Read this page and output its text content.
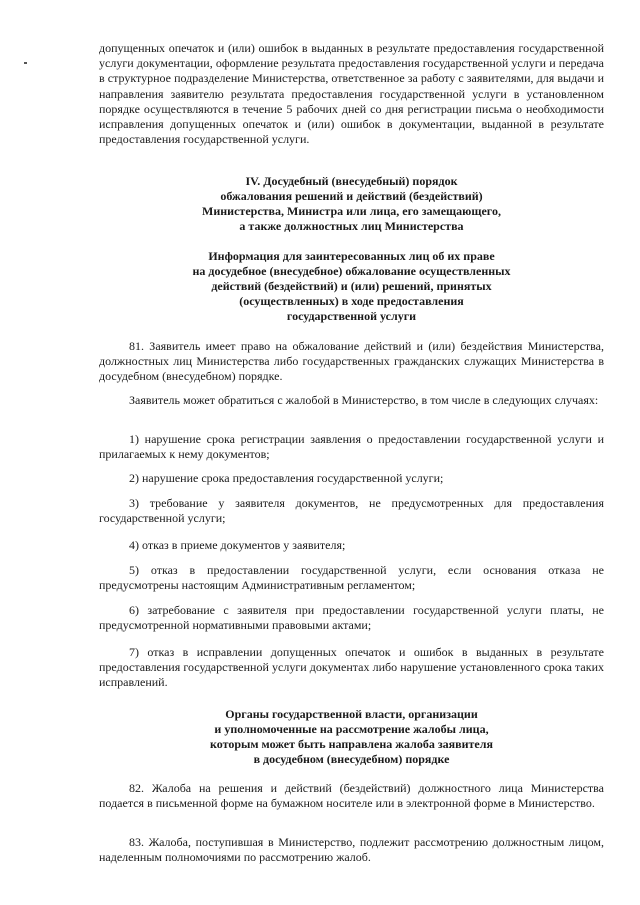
допущенных опечаток и (или) ошибок в выданных в результате предоставления государственной услуги документации, оформление результата предоставления государственной услуги и передача в структурное подразделение Министерства, ответственное за работу с заявителями, для выдачи и направления заявителю результата предоставления государственной услуги в установленном порядке осуществляются в течение 5 рабочих дней со дня регистрации письма о необходимости исправления допущенных опечаток и (или) ошибок в документации, выданной в результате предоставления государственной услуги.

IV. Досудебный (внесудебный) порядок
обжалования решений и действий (бездействий)
Министерства, Министра или лица, его замещающего,
а также должностных лиц Министерства
Информация для заинтересованных лиц об их праве
на досудебное (внесудебное) обжалование осуществленных
действий (бездействий) и (или) решений, принятых
(осуществленных) в ходе предоставления
государственной услуги

81. Заявитель имеет право на обжалование действий и (или) бездействия Министерства, должностных лиц Министерства либо государственных гражданских служащих Министерства в досудебном (внесудебном) порядке.

Заявитель может обратиться с жалобой в Министерство, в том числе в следующих случаях:

1) нарушение срока регистрации заявления о предоставлении государственной услуги и прилагаемых к нему документов;

2) нарушение срока предоставления государственной услуги;

3) требование у заявителя документов, не предусмотренных для предоставления государственной услуги;

4) отказ в приеме документов у заявителя;

5) отказ в предоставлении государственной услуги, если основания отказа не предусмотрены настоящим Административным регламентом;

6) затребование с заявителя при предоставлении государственной услуги платы, не предусмотренной нормативными правовыми актами;

7) отказ в исправлении допущенных опечаток и ошибок в выданных в результате предоставления государственной услуги документах либо нарушение установленного срока таких исправлений.

Органы государственной власти, организации
и уполномоченные на рассмотрение жалобы лица,
которым может быть направлена жалоба заявителя
в досудебном (внесудебном) порядке

82. Жалоба на решения и действий (бездействий) должностного лица Министерства подается в письменной форме на бумажном носителе или в электронной форме в Министерство.

83. Жалоба, поступившая в Министерство, подлежит рассмотрению должностным лицом, наделенным полномочиями по рассмотрению жалоб.
